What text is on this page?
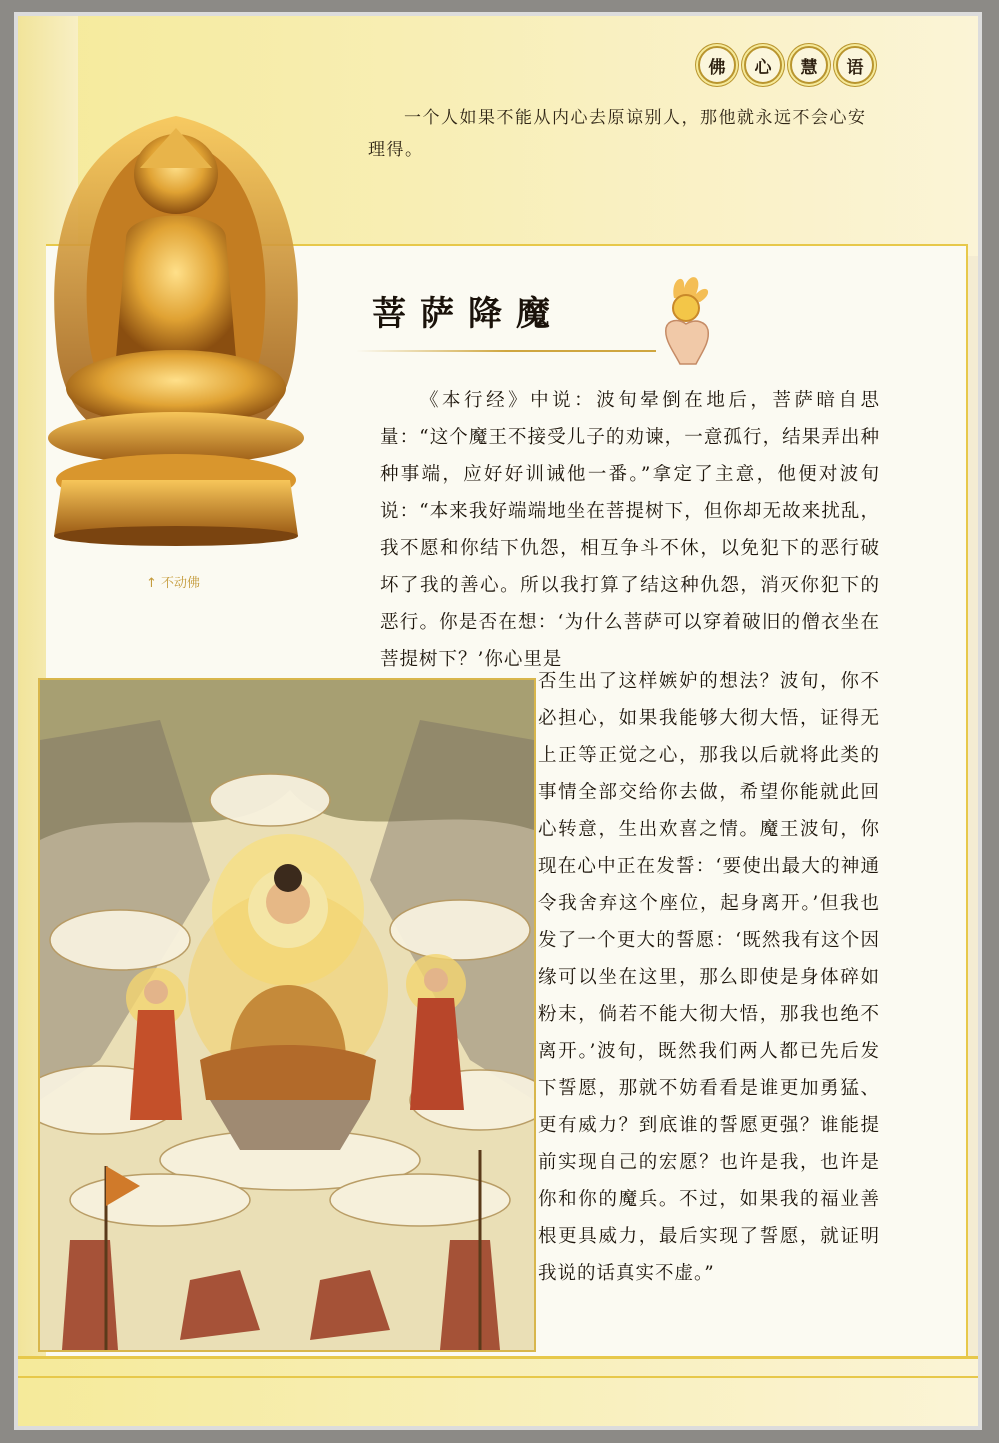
佛	心	慧	语
一个人如果不能从内心去原谅别人，那他就永远不会心安理得。
↑ 不动佛
菩萨降魔
《本行经》中说：波旬晕倒在地后，菩萨暗自思量：“这个魔王不接受儿子的劝谏，一意孤行，结果弄出种种事端，应好好训诫他一番。”拿定了主意，他便对波旬说：“本来我好端端地坐在菩提树下，但你却无故来扰乱，我不愿和你结下仇怨，相互争斗不休，以免犯下的恶行破坏了我的善心。所以我打算了结这种仇怨，消灭你犯下的恶行。你是否在想：‘为什么菩萨可以穿着破旧的僧衣坐在菩提树下？’你心里是
否生出了这样嫉妒的想法？波旬，你不必担心，如果我能够大彻大悟，证得无上正等正觉之心，那我以后就将此类的事情全部交给你去做，希望你能就此回心转意，生出欢喜之情。魔王波旬，你现在心中正在发誓：‘要使出最大的神通令我舍弃这个座位，起身离开。’但我也发了一个更大的誓愿：‘既然我有这个因缘可以坐在这里，那么即使是身体碎如粉末，倘若不能大彻大悟，那我也绝不离开。’波旬，既然我们两人都已先后发下誓愿，那就不妨看看是谁更加勇猛、更有威力？到底谁的誓愿更强？谁能提前实现自己的宏愿？也许是我，也许是你和你的魔兵。不过，如果我的福业善根更具威力，最后实现了誓愿，就证明我说的话真实不虚。”
